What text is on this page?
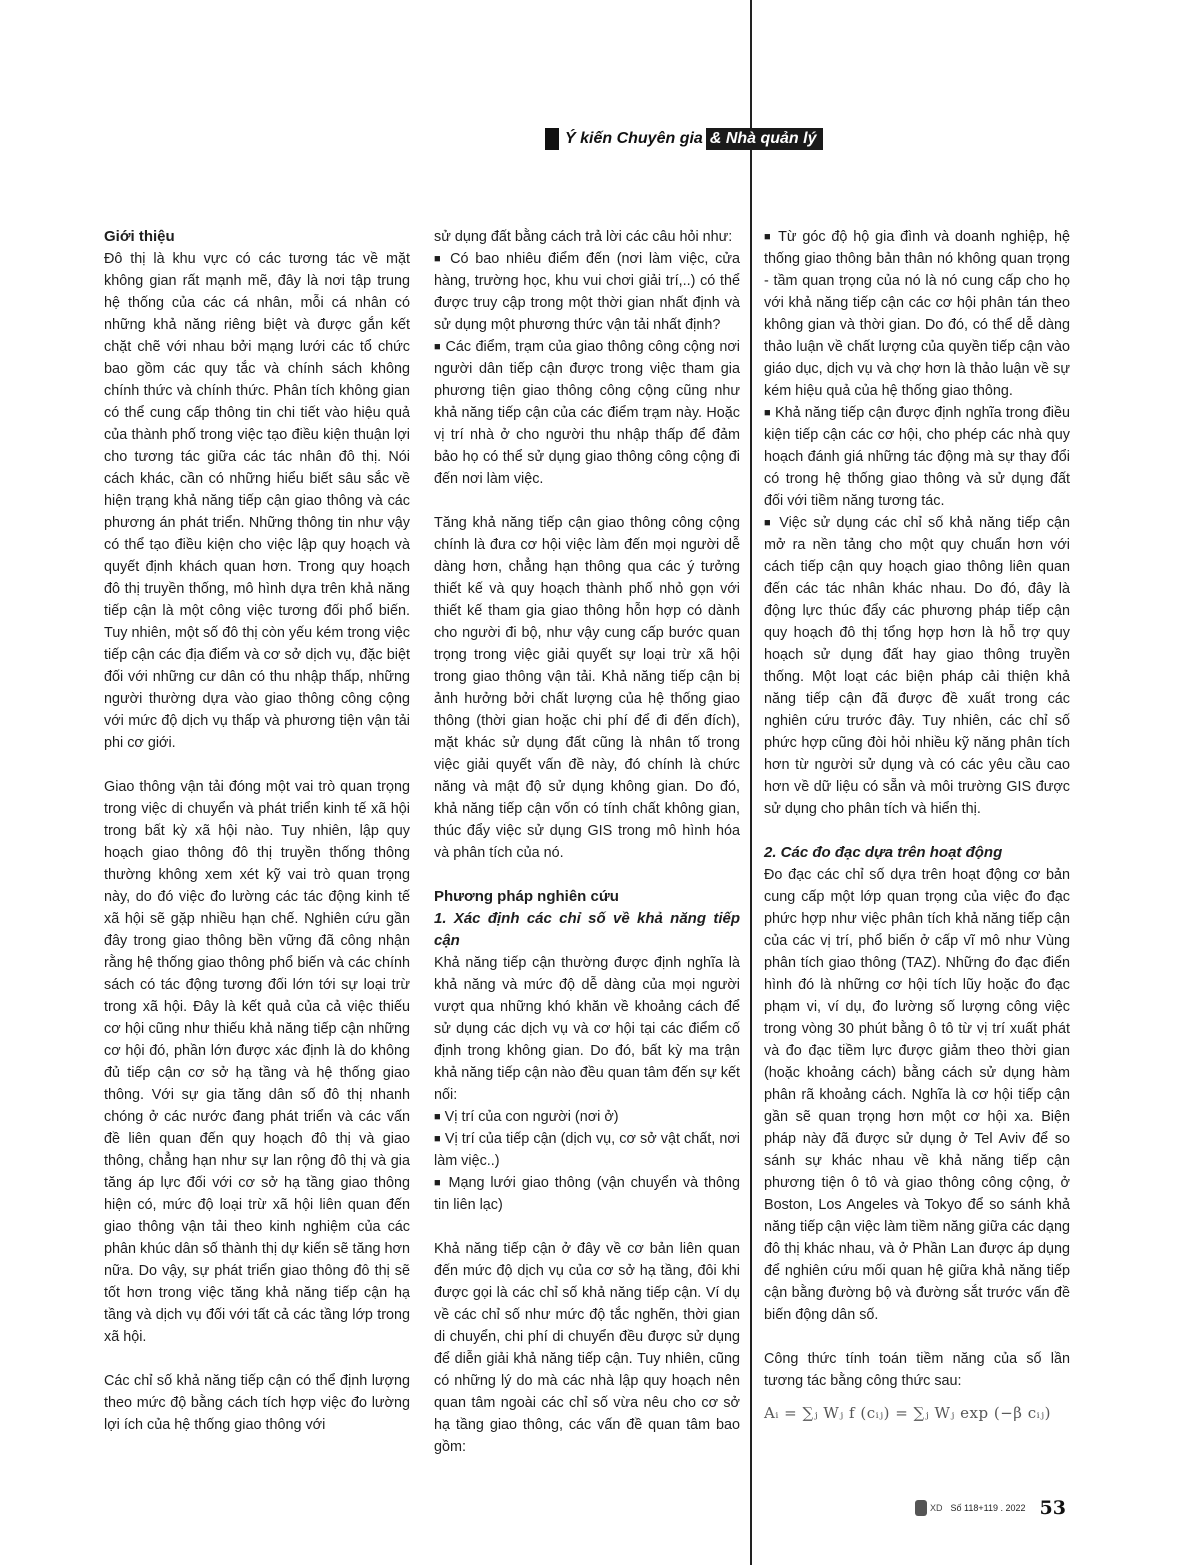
Ý kiến Chuyên gia & Nhà quản lý

Giới thiệu

Đô thị là khu vực có các tương tác về mặt không gian rất mạnh mẽ, đây là nơi tập trung hệ thống của các cá nhân, mỗi cá nhân có những khả năng riêng biệt và được gắn kết chặt chẽ với nhau bởi mạng lưới các tổ chức bao gồm các quy tắc và chính sách không chính thức và chính thức. Phân tích không gian có thể cung cấp thông tin chi tiết vào hiệu quả của thành phố trong việc tạo điều kiện thuận lợi cho tương tác giữa các tác nhân đô thị. Nói cách khác, cần có những hiểu biết sâu sắc về hiện trạng khả năng tiếp cận giao thông và các phương án phát triển. Những thông tin như vậy có thể tạo điều kiện cho việc lập quy hoạch và quyết định khách quan hơn. Trong quy hoạch đô thị truyền thống, mô hình dựa trên khả năng tiếp cận là một công việc tương đối phổ biến. Tuy nhiên, một số đô thị còn yếu kém trong việc tiếp cận các địa điểm và cơ sở dịch vụ, đặc biệt đối với những cư dân có thu nhập thấp, những người thường dựa vào giao thông công cộng với mức độ dịch vụ thấp và phương tiện vận tải phi cơ giới.

Giao thông vận tải đóng một vai trò quan trọng trong việc di chuyển và phát triển kinh tế xã hội trong bất kỳ xã hội nào. Tuy nhiên, lập quy hoạch giao thông đô thị truyền thống thông thường không xem xét kỹ vai trò quan trọng này, do đó việc đo lường các tác động kinh tế xã hội sẽ gặp nhiều hạn chế. Nghiên cứu gần đây trong giao thông bền vững đã công nhận rằng hệ thống giao thông phổ biến và các chính sách có tác động tương đối lớn tới sự loại trừ trong xã hội. Đây là kết quả của cả việc thiếu cơ hội cũng như thiếu khả năng tiếp cận những cơ hội đó, phần lớn được xác định là do không đủ tiếp cận cơ sở hạ tầng và hệ thống giao thông. Với sự gia tăng dân số đô thị nhanh chóng ở các nước đang phát triển và các vấn đề liên quan đến quy hoạch đô thị và giao thông, chẳng hạn như sự lan rộng đô thị và gia tăng áp lực đối với cơ sở hạ tầng giao thông hiện có, mức độ loại trừ xã hội liên quan đến giao thông vận tải theo kinh nghiệm của các phân khúc dân số thành thị dự kiến sẽ tăng hơn nữa. Do vậy, sự phát triển giao thông đô thị sẽ tốt hơn trong việc tăng khả năng tiếp cận hạ tầng và dịch vụ đối với tất cả các tầng lớp trong xã hội.

Các chỉ số khả năng tiếp cận có thể định lượng theo mức độ bằng cách tích hợp việc đo lường lợi ích của hệ thống giao thông với

sử dụng đất bằng cách trả lời các câu hỏi như:

■ Có bao nhiêu điểm đến (nơi làm việc, cửa hàng, trường học, khu vui chơi giải trí,..) có thể được truy cập trong một thời gian nhất định và sử dụng một phương thức vận tải nhất định?

■ Các điểm, trạm của giao thông công cộng nơi người dân tiếp cận được trong việc tham gia phương tiện giao thông công cộng cũng như khả năng tiếp cận của các điểm trạm này. Hoặc vị trí nhà ở cho người thu nhập thấp để đảm bảo họ có thể sử dụng giao thông công cộng đi đến nơi làm việc.

Tăng khả năng tiếp cận giao thông công cộng chính là đưa cơ hội việc làm đến mọi người dễ dàng hơn, chẳng hạn thông qua các ý tưởng thiết kế và quy hoạch thành phố nhỏ gọn với thiết kế tham gia giao thông hỗn hợp có dành cho người đi bộ, như vậy cung cấp bước quan trọng trong việc giải quyết sự loại trừ xã hội trong giao thông vận tải. Khả năng tiếp cận bị ảnh hưởng bởi chất lượng của hệ thống giao thông (thời gian hoặc chi phí để đi đến đích), mặt khác sử dụng đất cũng là nhân tố trong việc giải quyết vấn đề này, đó chính là chức năng và mật độ sử dụng không gian. Do đó, khả năng tiếp cận vốn có tính chất không gian, thúc đẩy việc sử dụng GIS trong mô hình hóa và phân tích của nó.

Phương pháp nghiên cứu

1. Xác định các chỉ số về khả năng tiếp cận

Khả năng tiếp cận thường được định nghĩa là khả năng và mức độ dễ dàng của mọi người vượt qua những khó khăn về khoảng cách để sử dụng các dịch vụ và cơ hội tại các điểm cố định trong không gian. Do đó, bất kỳ ma trận khả năng tiếp cận nào đều quan tâm đến sự kết nối:

■ Vị trí của con người (nơi ở)

■ Vị trí của tiếp cận (dịch vụ, cơ sở vật chất, nơi làm việc..)

■ Mạng lưới giao thông (vận chuyển và thông tin liên lạc)

Khả năng tiếp cận ở đây về cơ bản liên quan đến mức độ dịch vụ của cơ sở hạ tầng, đôi khi được gọi là các chỉ số khả năng tiếp cận. Ví dụ về các chỉ số như mức độ tắc nghẽn, thời gian di chuyển, chi phí di chuyển đều được sử dụng để diễn giải khả năng tiếp cận. Tuy nhiên, cũng có những lý do mà các nhà lập quy hoạch nên quan tâm ngoài các chỉ số vừa nêu cho cơ sở hạ tầng giao thông, các vấn đề quan tâm bao gồm:

■ Từ góc độ hộ gia đình và doanh nghiệp, hệ thống giao thông bản thân nó không quan trọng - tầm quan trọng của nó là nó cung cấp cho họ với khả năng tiếp cận các cơ hội phân tán theo không gian và thời gian. Do đó, có thể dễ dàng thảo luận về chất lượng của quyền tiếp cận vào giáo dục, dịch vụ và chợ hơn là thảo luận về sự kém hiệu quả của hệ thống giao thông.

■ Khả năng tiếp cận được định nghĩa trong điều kiện tiếp cận các cơ hội, cho phép các nhà quy hoạch đánh giá những tác động mà sự thay đổi có trong hệ thống giao thông và sử dụng đất đối với tiềm năng tương tác.

■ Việc sử dụng các chỉ số khả năng tiếp cận mở ra nền tảng cho một quy chuẩn hơn với cách tiếp cận quy hoạch giao thông liên quan đến các tác nhân khác nhau. Do đó, đây là động lực thúc đẩy các phương pháp tiếp cận quy hoạch đô thị tổng hợp hơn là hỗ trợ quy hoạch sử dụng đất hay giao thông truyền thống. Một loạt các biện pháp cải thiện khả năng tiếp cận đã được đề xuất trong các nghiên cứu trước đây. Tuy nhiên, các chỉ số phức hợp cũng đòi hỏi nhiều kỹ năng phân tích hơn từ người sử dụng và có các yêu cầu cao hơn về dữ liệu có sẵn và môi trường GIS được sử dụng cho phân tích và hiển thị.

2. Các đo đạc dựa trên hoạt động

Đo đạc các chỉ số dựa trên hoạt động cơ bản cung cấp một lớp quan trọng của việc đo đạc phức hợp như việc phân tích khả năng tiếp cận của các vị trí, phổ biến ở cấp vĩ mô như Vùng phân tích giao thông (TAZ). Những đo đạc điển hình đó là những cơ hội tích lũy hoặc đo đạc phạm vi, ví dụ, đo lường số lượng công việc trong vòng 30 phút bằng ô tô từ vị trí xuất phát và đo đạc tiềm lực được giảm theo thời gian (hoặc khoảng cách) bằng cách sử dụng hàm phân rã khoảng cách. Nghĩa là cơ hội tiếp cận gần sẽ quan trọng hơn một cơ hội xa. Biện pháp này đã được sử dụng ở Tel Aviv để so sánh sự khác nhau về khả năng tiếp cận phương tiện ô tô và giao thông công cộng, ở Boston, Los Angeles và Tokyo để so sánh khả năng tiếp cận việc làm tiềm năng giữa các dạng đô thị khác nhau, và ở Phần Lan được áp dụng để nghiên cứu mối quan hệ giữa khả năng tiếp cận bằng đường bộ và đường sắt trước vấn đề biến động dân số.

Công thức tính toán tiềm năng của số lần tương tác bằng công thức sau:

Aᵢ = ∑ⱼ Wⱼ f (cᵢⱼ) = ∑ⱼ Wⱼ exp (−β cᵢⱼ)
XD Số 118+119 . 2022 53
